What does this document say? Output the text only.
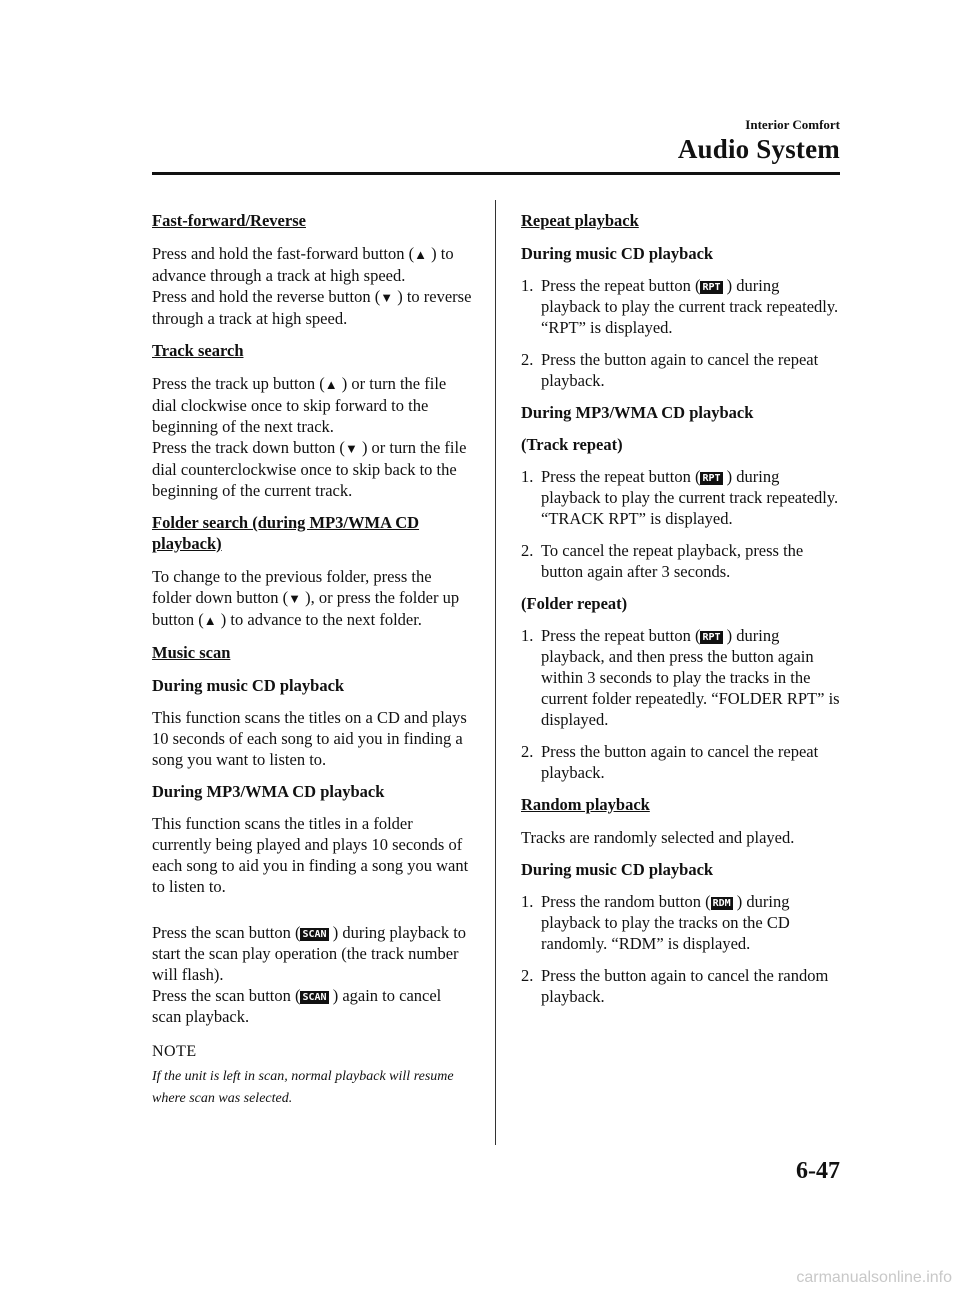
Interior Comfort
Audio System
Fast-forward/Reverse

Press and hold the fast-forward button (▲ ) to advance through a track at high speed.
Press and hold the reverse button (▼ ) to reverse through a track at high speed.

Track search

Press the track up button (▲ ) or turn the file dial clockwise once to skip forward to the beginning of the next track.
Press the track down button (▼ ) or turn the file dial counterclockwise once to skip back to the beginning of the current track.

Folder search (during MP3/WMA CD playback)

To change to the previous folder, press the folder down button (▼ ), or press the folder up button (▲ ) to advance to the next folder.

Music scan
During music CD playback

This function scans the titles on a CD and plays 10 seconds of each song to aid you in finding a song you want to listen to.

During MP3/WMA CD playback

This function scans the titles in a folder currently being played and plays 10 seconds of each song to aid you in finding a song you want to listen to.

Press the scan button ( SCAN ) during playback to start the scan play operation (the track number will flash).
Press the scan button ( SCAN ) again to cancel scan playback.

NOTE

If the unit is left in scan, normal playback will resume where scan was selected.

Repeat playback
During music CD playback
1. Press the repeat button ( RPT ) during playback to play the current track repeatedly. “RPT” is displayed.
2. Press the button again to cancel the repeat playback.
During MP3/WMA CD playback
(Track repeat)
1. Press the repeat button ( RPT ) during playback to play the current track repeatedly. “TRACK RPT” is displayed.
2. To cancel the repeat playback, press the button again after 3 seconds.
(Folder repeat)
1. Press the repeat button ( RPT ) during playback, and then press the button again within 3 seconds to play the tracks in the current folder repeatedly. “FOLDER RPT” is displayed.
2. Press the button again to cancel the repeat playback.
Random playback

Tracks are randomly selected and played.

During music CD playback
1. Press the random button ( RDM ) during playback to play the tracks on the CD randomly. “RDM” is displayed.
2. Press the button again to cancel the random playback.
6-47
carmanualsonline.info
